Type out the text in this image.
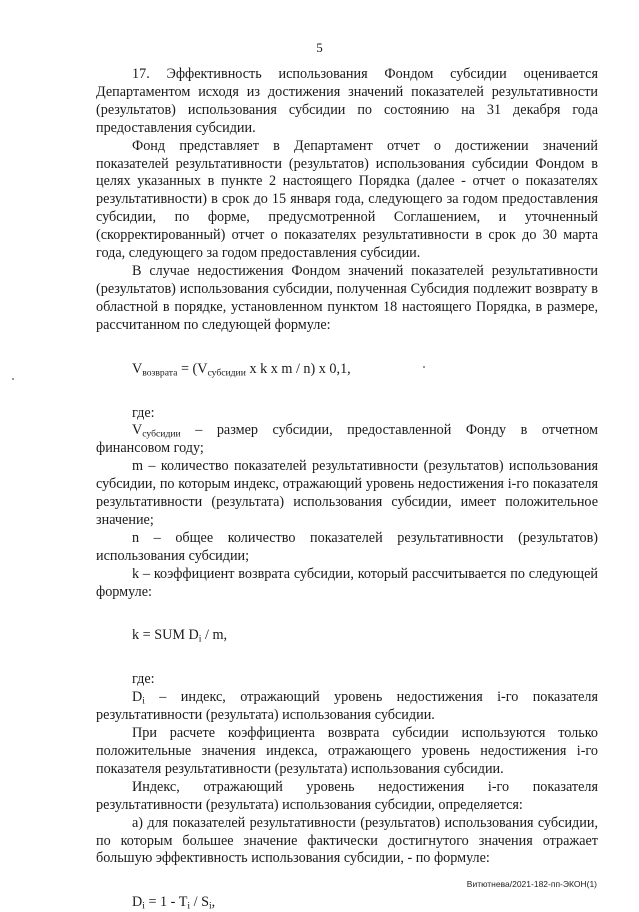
5

17. Эффективность использования Фондом субсидии оценивается Департаментом исходя из достижения значений показателей результативности (результатов) использования субсидии по состоянию на 31 декабря года предоставления субсидии.

Фонд представляет в Департамент отчет о достижении значений показателей результативности (результатов) использования субсидии Фондом в целях указанных в пункте 2 настоящего Порядка (далее - отчет о показателях результативности) в срок до 15 января года, следующего за годом предоставления субсидии, по форме, предусмотренной Соглашением, и уточненный (скорректированный) отчет о показателях результативности в срок до 30 марта года, следующего за годом предоставления субсидии.

В случае недостижения Фондом значений показателей результативности (результатов) использования субсидии, полученная Субсидия подлежит возврату в областной в порядке, установленном пунктом 18 настоящего Порядка, в размере, рассчитанном по следующей формуле:

$V_{возврата} = (V_{субсидии}$ x k x m / n) x 0,1,

где:

$V_{субсидии}$ – размер субсидии, предоставленной Фонду в отчетном финансовом году;

m – количество показателей результативности (результатов) использования субсидии, по которым индекс, отражающий уровень недостижения i-го показателя результативности (результата) использования субсидии, имеет положительное значение;

n – общее количество показателей результативности (результатов) использования субсидии;

k – коэффициент возврата субсидии, который рассчитывается по следующей формуле:

k = SUM $D_i$ / m,

где:

$D_i$ – индекс, отражающий уровень недостижения i-го показателя результативности (результата) использования субсидии.

При расчете коэффициента возврата субсидии используются только положительные значения индекса, отражающего уровень недостижения i-го показателя результативности (результата) использования субсидии.

Индекс, отражающий уровень недостижения i-го показателя результативности (результата) использования субсидии, определяется:

а) для показателей результативности (результатов) использования субсидии, по которым большее значение фактически достигнутого значения отражает большую эффективность использования субсидии, - по формуле:

$D_i = 1 - T_i / S_i$,

Витютнева/2021-182-пп-ЭКОН(1)
